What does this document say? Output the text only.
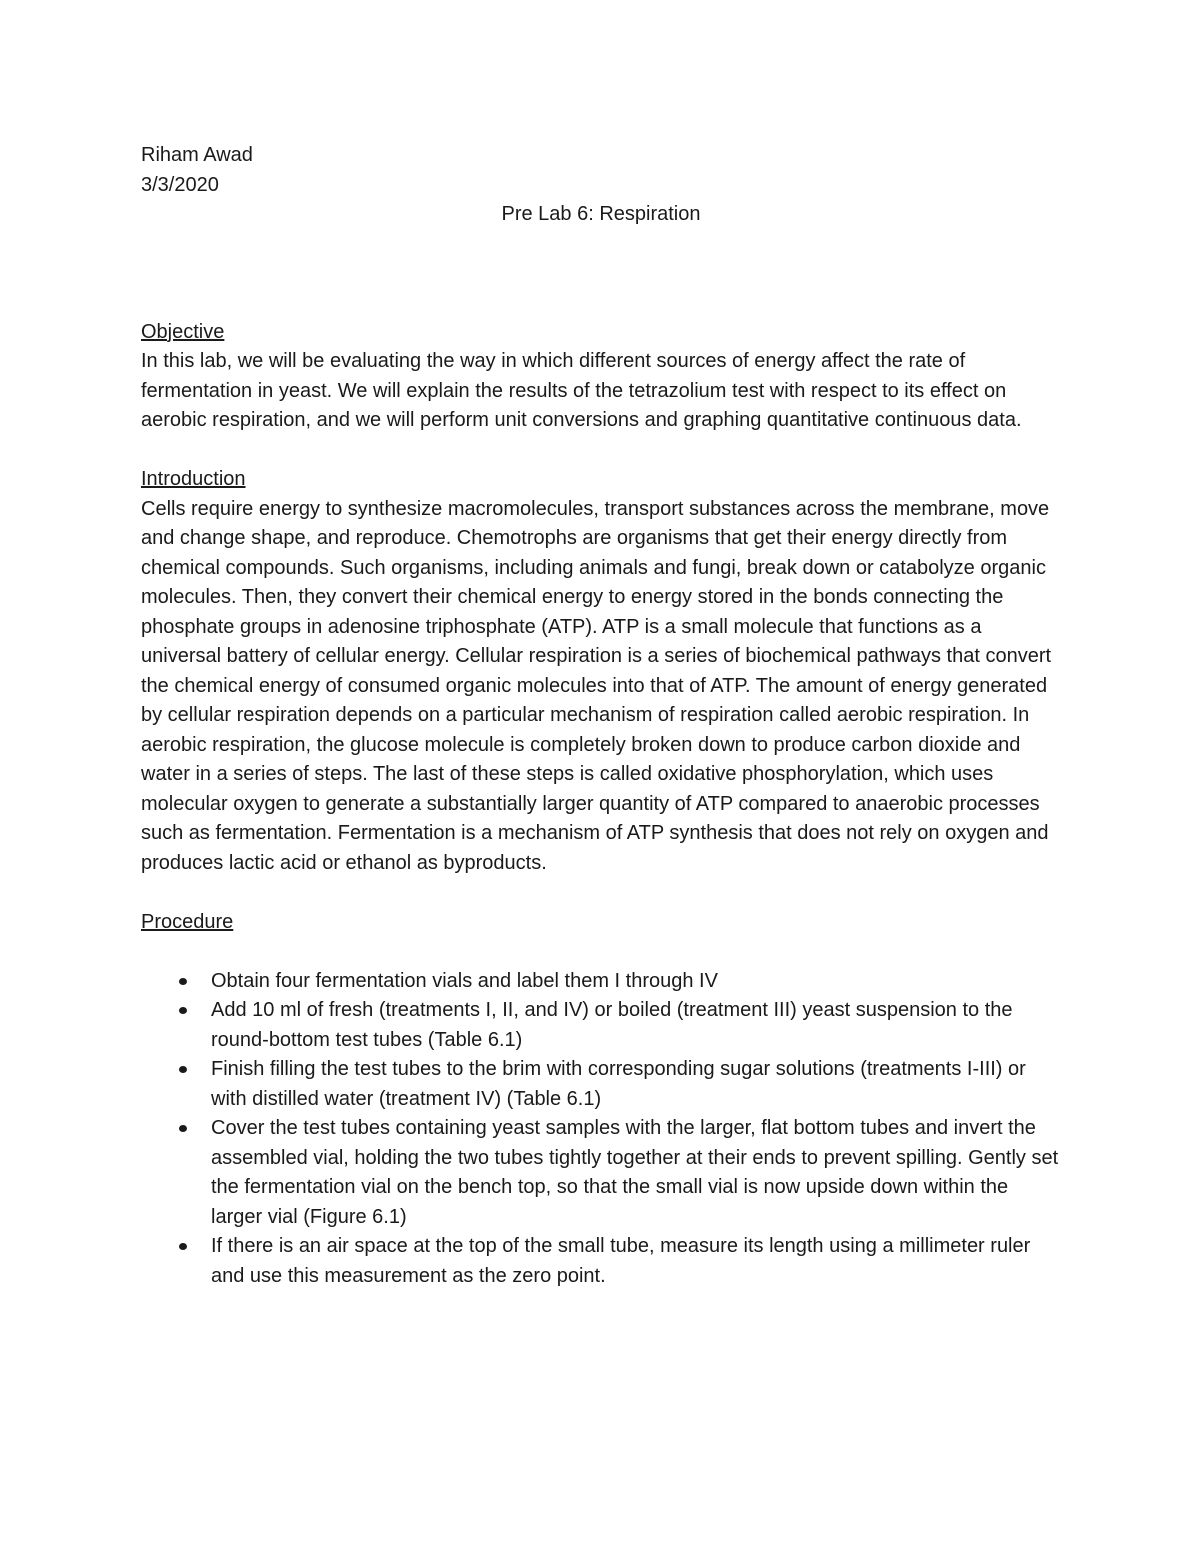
Riham Awad

3/3/2020

Pre Lab 6: Respiration

Objective

In this lab, we will be evaluating the way in which different sources of energy affect the rate of fermentation in yeast. We will explain the results of the tetrazolium test with respect to its effect on aerobic respiration, and we will perform unit conversions and graphing quantitative continuous data.

Introduction

Cells require energy to synthesize macromolecules, transport substances across the membrane, move and change shape, and reproduce. Chemotrophs are organisms that get their energy directly from chemical compounds. Such organisms, including animals and fungi, break down or catabolyze organic molecules. Then, they convert their chemical energy to energy stored in the bonds connecting the phosphate groups in adenosine triphosphate (ATP). ATP is a small molecule that functions as a universal battery of cellular energy. Cellular respiration is a series of biochemical pathways that convert the chemical energy of consumed organic molecules into that of ATP. The amount of energy generated by cellular respiration depends on a particular mechanism of respiration called aerobic respiration. In aerobic respiration, the glucose molecule is completely broken down to produce carbon dioxide and water in a series of steps. The last of these steps is called oxidative phosphorylation, which uses molecular oxygen to generate a substantially larger quantity of ATP compared to anaerobic processes such as fermentation. Fermentation is a mechanism of ATP synthesis that does not rely on oxygen and produces lactic acid or ethanol as byproducts.

Procedure

Obtain four fermentation vials and label them I through IV
Add 10 ml of fresh (treatments I, II, and IV) or boiled (treatment III) yeast suspension to the round-bottom test tubes (Table 6.1)
Finish filling the test tubes to the brim with corresponding sugar solutions (treatments I-III) or with distilled water (treatment IV) (Table 6.1)
Cover the test tubes containing yeast samples with the larger, flat bottom tubes and invert the assembled vial, holding the two tubes tightly together at their ends to prevent spilling. Gently set the fermentation vial on the bench top, so that the small vial is now upside down within the larger vial (Figure 6.1)
If there is an air space at the top of the small tube, measure its length using a millimeter ruler and use this measurement as the zero point.
